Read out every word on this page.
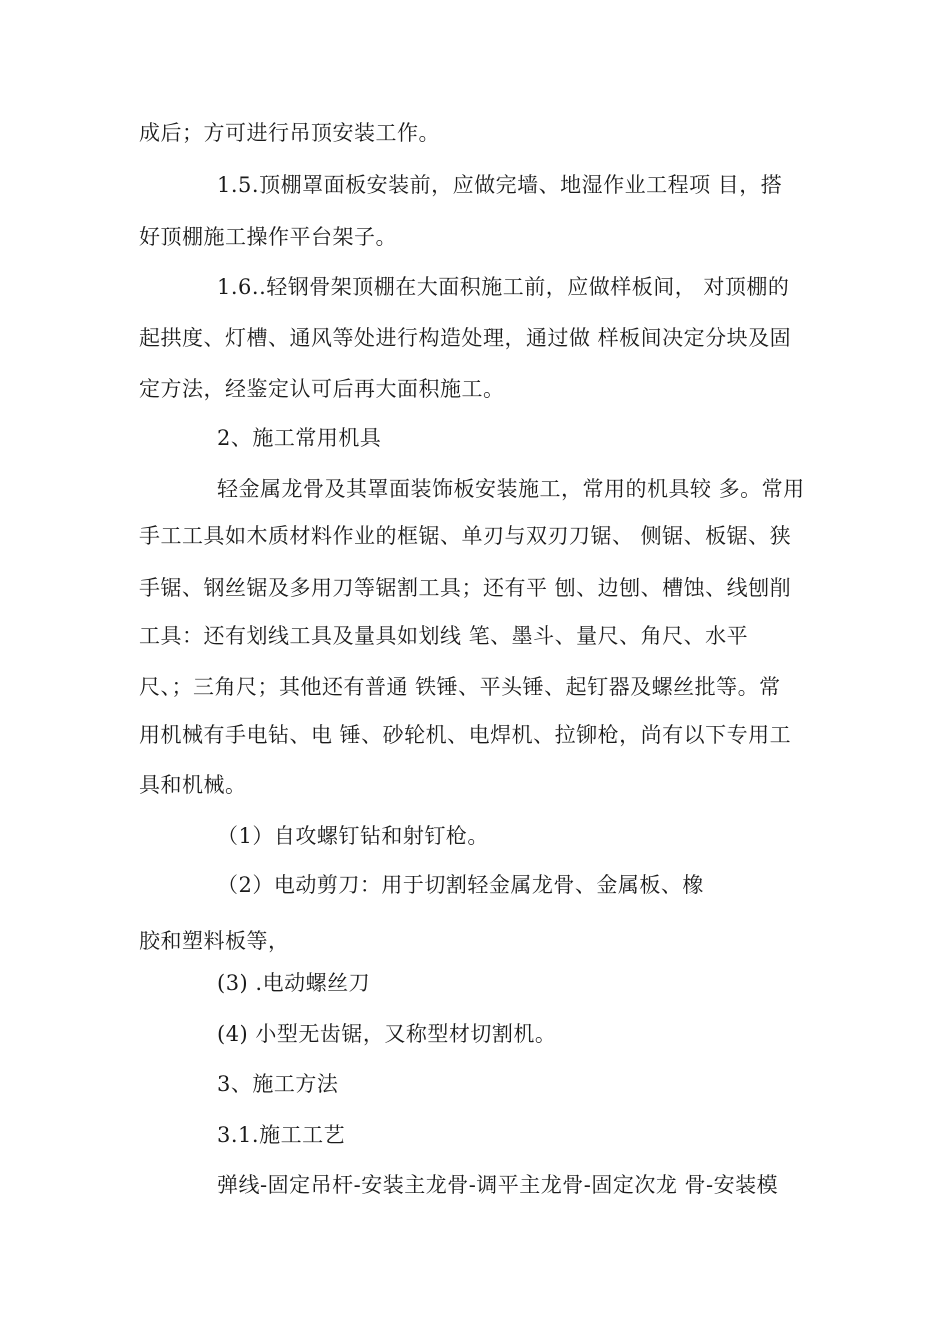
成后；方可进行吊顶安装工作。
1.5.顶棚罩面板安装前，应做完墙、地湿作业工程项 目，搭
好顶棚施工操作平台架子。
1.6..轻钢骨架顶棚在大面积施工前，应做样板间， 对顶棚的
起拱度、灯槽、通风等处进行构造处理，通过做 样板间决定分块及固
定方法，经鉴定认可后再大面积施工。
2、施工常用机具
轻金属龙骨及其罩面装饰板安装施工，常用的机具较 多。常用
手工工具如木质材料作业的框锯、单刃与双刃刀锯、 侧锯、板锯、狭
手锯、钢丝锯及多用刀等锯割工具；还有平 刨、边刨、槽蚀、线刨削
工具：还有划线工具及量具如划线 笔、墨斗、量尺、角尺、水平
尺、；三角尺；其他还有普通 铁锤、平头锤、起钉器及螺丝批等。常
用机械有手电钻、电 锤、砂轮机、电焊机、拉铆枪，尚有以下专用工
具和机械。
（1）自攻螺钉钻和射钉枪。
（2）电动剪刀：用于切割轻金属龙骨、金属板、橡
胶和塑料板等，
(3) .电动螺丝刀
(4) 小型无齿锯，又称型材切割机。
3、施工方法
3.1.施工工艺
弹线-固定吊杆-安装主龙骨-调平主龙骨-固定次龙 骨-安装模
